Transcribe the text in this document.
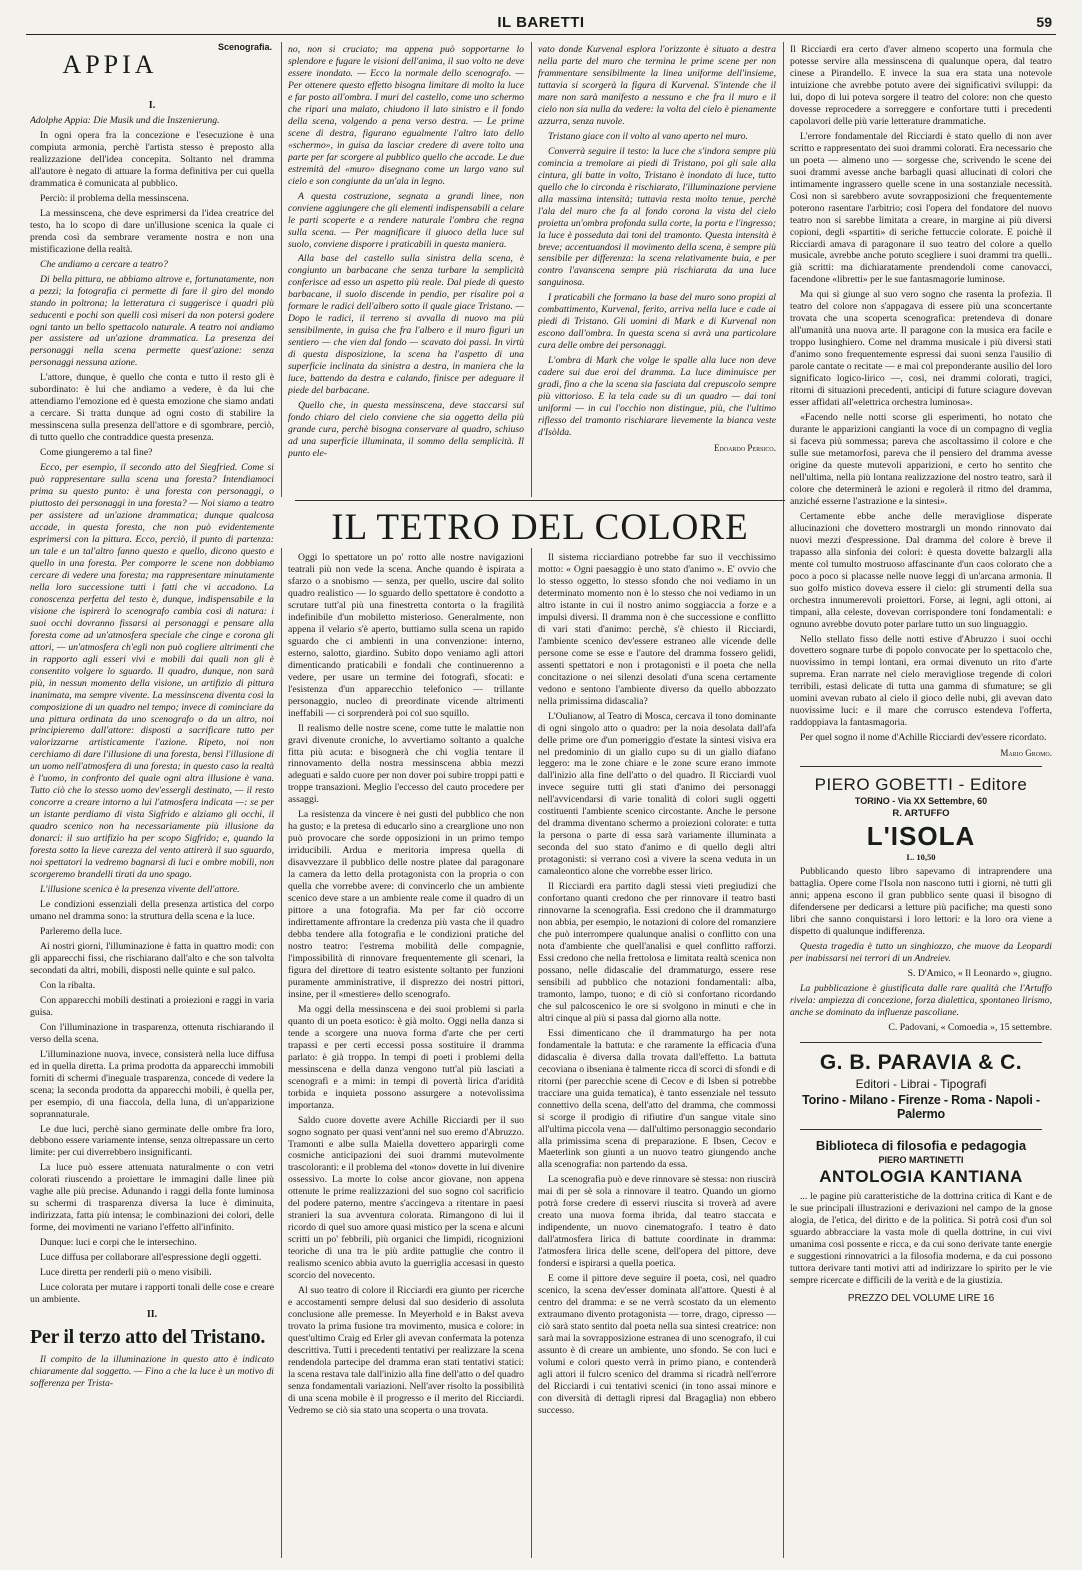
IL BARETTI	59
APPIA
Scenografia.
I.

Adolphe Appia: Die Musik und die Inszenierung.

In ogni opera fra la concezione e l'esecuzione è una compiuta armonia, perchè l'artista stesso è preposto alla realizzazione dell'idea concepita. Soltanto nel dramma all'autore è negato di attuare la forma definitiva per cui quella drammatica è comunicata al pubblico.

Perciò: il problema della messinscena.

La messinscena, che deve esprimersi da l'idea creatrice del testo, ha lo scopo di dare un'illusione scenica la quale ci prenda così da sembrare veramente nostra e non una mistificazione della realtà.

Che andiamo a cercare a teatro?

Di bella pittura, ne abbiamo altrove e, fortunatamente, non a pezzi; la fotografia ci permette di fare il giro del mondo stando in poltrona; la letteratura ci suggerisce i quadri più seducenti e pochi son quelli così miseri da non potersi godere ogni tanto un bello spettacolo naturale. A teatro noi andiamo per assistere ad un'azione drammatica. La presenza dei personaggi nella scena permette quest'azione: senza personaggi nessuna azione.

L'attore, dunque, è quello che conta e tutto il resto gli è subordinato: è lui che andiamo a vedere, è da lui che attendiamo l'emozione ed è questa emozione che siamo andati a cercare. Si tratta dunque ad ogni costo di stabilire la messinscena sulla presenza dell'attore e di sgombrare, perciò, di tutto quello che contraddice questa presenza.

Come giungeremo a tal fine?

Ecco, per esempio, il secondo atto del Siegfried. Come si può rappresentare sulla scena una foresta? Intendiamoci prima su questo punto: è una foresta con personaggi, o piuttosto dei personaggi in una foresta? — Noi siamo a teatro per assistere ad un'azione drammatica; dunque qualcosa accade, in questa foresta, che non può evidentemente esprimersi con la pittura. Ecco, perciò, il punto di partenza: un tale e un tal'altro fanno questo e quello, dicono questo e quello in una foresta. Per comporre le scene non dobbiamo cercare di vedere una foresta; ma rappresentare minutamente nella loro successione tutti i fatti che vi accadono. La conoscenza perfetta del testo è, dunque, indispensabile e la visione che ispirerà lo scenografo cambia così di natura: i suoi occhi dovranno fissarsi ai personaggi e pensare alla foresta come ad un'atmosfera speciale che cinge e corona gli attori, — un'atmosfera ch'egli non può cogliere altrimenti che in rapporto agli esseri vivi e mobili dai quali non gli è consentito volgere lo sguardo. Il quadro, dunque, non sarà più, in nessun momento della visione, un artifizio di pittura inanimata, ma sempre vivente. La messinscena diventa così la composizione di un quadro nel tempo; invece di cominciare da una pittura ordinata da uno scenografo o da un altro, noi principieremo dall'attore: disposti a sacrificare tutto per valorizzarne artisticamente l'azione. Ripeto, noi non cerchiamo di dare l'illusione di una foresta, bensì l'illusione di un uomo nell'atmosfera di una foresta; in questo caso la realtà è l'uomo, in confronto del quale ogni altra illusione è vana. Tutto ciò che lo stesso uomo dev'essergli destinato, — il resto concorre a creare intorno a lui l'atmosfera indicata —: se per un istante perdiamo di vista Sigfrido e alziamo gli occhi, il quadro scenico non ha necessariamente più illusione da donarci: il suo artifizio ha per scopo Sigfrido; e, quando la foresta sotto la lieve carezza del vento attirerà il suo sguardo, noi spettatori la vedremo bagnarsi di luci e ombre mobili, non scorgeremo brandelli tirati da uno spago.

L'illusione scenica è la presenza vivente dell'attore.

Le condizioni essenziali della presenza artistica del corpo umano nel dramma sono: la struttura della scena e la luce.

Parleremo della luce.

Ai nostri giorni, l'illuminazione è fatta in quattro modi: con gli apparecchi fissi, che rischiarano dall'alto e che son talvolta secondati da altri, mobili, disposti nelle quinte e sul palco.

Con la ribalta.

Con apparecchi mobili destinati a proiezioni e raggi in varia guisa.

Con l'illuminazione in trasparenza, ottenuta rischiarando il verso della scena.

L'illuminazione nuova, invece, consisterà nella luce diffusa ed in quella diretta. La prima prodotta da apparecchi immobili forniti di schermi d'ineguale trasparenza, concede di vedere la scena; la seconda prodotta da apparecchi mobili, è quella per, per esempio, di una fiaccola, della luna, di un'apparizione soprannaturale.

Le due luci, perchè siano germinate delle ombre fra loro, debbono essere variamente intense, senza oltrepassare un certo limite: per cui diverrebbero insignificanti.

La luce può essere attenuata naturalmente o con vetri colorati riuscendo a proiettare le immagini dalle linee più vaghe alle più precise. Adunando i raggi della fonte luminosa su schermi di trasparenza diversa la luce è diminuita, indirizzata, fatta più intensa; le combinazioni dei colori, delle forme, dei movimenti ne variano l'effetto all'infinito.

Dunque: luci e corpi che le intersechino.

Luce diffusa per collaborare all'espressione degli oggetti.

Luce diretta per renderli più o meno visibili.

Luce colorata per mutare i rapporti tonali delle cose e creare un ambiente.

II.
Per il terzo atto del Tristano.

Il compito de la illuminazione in questo atto è indicato chiaramente dal soggetto. — Fino a che la luce è un motivo di sofferenza per Trista-

no, non si cruciato; ma appena può sopportarne lo splendore e fugare le visioni dell'anima, il suo volto ne deve essere inondato. — Ecco la normale dello scenografo. — Per ottenere questo effetto bisogna limitare di molto la luce e far posto all'ombra. I muri del castello, come uno schermo che ripari una malato, chiudono il lato sinistro e il fondo della scena, volgendo a pena verso destra. — Le prime scene di destra, figurano egualmente l'altro lato dello «schermo», in guisa da lasciar credere di avere tolto una parte per far scorgere al pubblico quello che accade. Le due estremità del «muro» disegnano come un largo vano sul cielo e son congiunte da un'ala in legno.

A questa costruzione, segnata a grandi linee, non conviene aggiungere che gli elementi indispensabili a celare le parti scoperte e a rendere naturale l'ombra che regna sulla scena. — Per magnificare il giuoco della luce sul suolo, conviene disporre i praticabili in questa maniera.

Alla base del castello sulla sinistra della scena, è congiunto un barbacane che senza turbare la semplicità conferisce ad esso un aspetto più reale. Dal piede di questo barbacane, il suolo discende in pendio, per risalire poi a formare le radici dell'albero sotto il quale giace Tristano. — Dopo le radici, il terreno si avvalla di nuovo ma più sensibilmente, in guisa che fra l'albero e il muro figuri un sentiero — che vien dal fondo — scavato doi passi. In virtù di questa disposizione, la scena ha l'aspetto di una superficie inclinata da sinistra a destra, in maniera che la luce, battendo da destra e calando, finisce per adeguare il piede del barbacane.

Quello che, in questa messinscena, deve staccarsi sul fondo chiaro del cielo conviene che sia oggetto della più grande cura, perchè bisogna conservare al quadro, schiuso ad una superficie illuminata, il sommo della semplicità. Il punto ele-

vato donde Kurvenal esplora l'orizzonte è situato a destra nella parte del muro che termina le prime scene per non frammentare sensibilmente la linea uniforme dell'insieme, tuttavia si scorgerà la figura di Kurvenal. S'intende che il mare non sarà manifesto a nessuno e che fra il muro e il cielo non sia nulla da vedere: la volta del cielo è pienamente azzurra, senza nuvole.

Tristano giace con il volto al vano aperto nel muro.

Converrà seguire il testo: la luce che s'indora sempre più comincia a tremolare ai piedi di Tristano, poi gli sale alla cintura, gli batte in volto, Tristano è inondato di luce, tutto quello che lo circonda è rischiarato, l'illuminazione perviene alla massima intensità; tuttavia resta molto tenue, perchè l'ala del muro che fa al fondo corona la vista del cielo proietta un'ombra profonda sulla corte, la porta e l'ingresso; la luce è posseduta dai toni del tramonto. Questa intensità è breve; accentuandosi il movimento della scena, è sempre più sensibile per differenza: la scena relativamente buia, e per contro l'avanscena sempre più rischiarata da una luce sanguinosa.

I praticabili che formano la base del muro sono propizi al combattimento, Kurvenal, ferito, arriva nella luce e cade ai piedi di Tristano. Gli uomini di Mark e di Kurvenal non escono dall'ombra. In questa scena si avrà una particolare cura delle ombre dei personaggi.

L'ombra di Mark che volge le spalle alla luce non deve cadere sui due eroi del dramma. La luce diminuisce per gradi, fino a che la scena sia fasciata dal crepuscolo sempre più vittorioso. E la tela cade su di un quadro — dai toni uniformi — in cui l'occhio non distingue, più, che l'ultimo riflesso del tramonto rischiarare lievemente la bianca veste d'Isòlda.

Edoardo Persico.
IL TETRO DEL COLORE

Oggi lo spettatore un po' rotto alle nostre navigazioni teatrali più non vede la scena. Anche quando è ispirata a sfarzo o a snobismo — senza, per quello, uscire dal solito quadro realistico — lo sguardo dello spettatore è condotto a scrutare tutt'al più una finestretta contorta o la fragilità indefinibile d'un mobiletto misterioso. Generalmente, non appena il velario s'è aperto, buttiamo sulla scena un rapido sguardo che ci ambienti in una convenzione: interno, esterno, salotto, giardino. Subito dopo veniamo agli attori dimenticando praticabili e fondali che continuerenno a vedere, per usare un termine dei fotografi, sfocati: e l'esistenza d'un apparecchio telefonico — trillante personaggio, nucleo di preordinate vicende altrimenti ineffabili — ci sorprenderà poi col suo squillo.

Il realismo delle nostre scene, come tutte le malattie non gravi divenute croniche, lo avvertiamo soltanto a qualche fitta più acuta: e bisognerà che chi voglia tentare il rinnovamento della nostra messinscena abbia mezzi adeguati e saldo cuore per non dover poi subire troppi patti e troppe transazioni. Meglio l'eccesso del cauto procedere per assaggi.

La resistenza da vincere è nei gusti del pubblico che non ha gusto; e la pretesa di educarlo sino a crearglione uno non può provocare che sorde opposizioni in un primo tempo irriducibili. Ardua e meritoria impresa quella di disavvezzare il pubblico delle nostre platee dal paragonare la camera da letto della protagonista con la propria o con quella che vorrebbe avere: di convincerlo che un ambiente scenico deve stare a un ambiente reale come il quadro di un pittore a una fotografia. Ma per far ciò occorre indirettamente affrontare la credenza più vasta che il quadro debba tendere alla fotografia e le condizioni pratiche del nostro teatro: l'estrema mobilità delle compagnie, l'impossibilità di rinnovare frequentemente gli scenari, la figura del direttore di teatro esistente soltanto per funzioni puramente amministrative, il disprezzo dei nostri pittori, insine, per il «mestiere» dello scenografo.

Ma oggi della messinscena e dei suoi problemi si parla quanto di un poeta esotico: è già molto. Oggi nella danza si tende a scorgere una nuova forma d'arte che per certi trapassi e per certi eccessi possa sostituire il dramma parlato: è già troppo. In tempi di poeti i problemi della messinscena e della danza vengono tutt'al più lasciati a scenografi e a mimi: in tempi di povertà lirica d'aridità torbida e inquieta possono assurgere a notevolissima importanza.

Saldo cuore dovette avere Achille Ricciardi per il suo sogno sognato per quasi vent'anni nel suo eremo d'Abruzzo. Tramonti e albe sulla Maiella dovettero apparirgli come cosmiche anticipazioni dei suoi drammi mutevolmente trascoloranti: e il problema del «tono» dovette in lui divenire ossessivo. La morte lo colse ancor giovane, non appena ottenute le prime realizzazioni del suo sogno col sacrificio del podere paterno, mentre s'accingeva a ritentare in paesi stranieri la sua avventura colorata. Rimangono di lui il ricordo di quel suo amore quasi mistico per la scena e alcuni scritti un po' febbrili, più organici che limpidi, ricognizioni teoriche di una tra le più ardite pattuglie che contro il realismo scenico abbia avuto la guerriglia accesasi in questo scorcio del novecento.

Al suo teatro di colore il Ricciardi era giunto per ricerche e accostamenti sempre delusi dal suo desiderio di assoluta conclusione alle premesse. In Meyerhold e in Bakst aveva trovato la prima fusione tra movimento, musica e colore: in quest'ultimo Craig ed Erler gli avevan confermata la potenza descrittiva. Tutti i precedenti tentativi per realizzare la scena rendendola partecipe del dramma eran stati tentativi statici: la scena restava tale dall'inizio alla fine dell'atto o del quadro senza fondamentali variazioni. Nell'aver risolto la possibilità di una scena mobile è il progresso e il merito del Ricciardi. Vedremo se ciò sia stato una scoperta o una trovata.

Il sistema ricciardiano potrebbe far suo il vecchissimo motto: « Ogni paesaggio è uno stato d'animo ». E' ovvio che lo stesso oggetto, lo stesso sfondo che noi vediamo in un determinato momento non è lo stesso che noi vediamo in un altro istante in cui il nostro animo soggiaccia a forze e a impulsi diversi. Il dramma non è che successione e conflitto di vari stati d'animo: perchè, s'è chiesto il Ricciardi, l'ambiente scenico dev'essere estraneo alle vicende delle persone come se esse e l'autore del dramma fossero gelidi, assenti spettatori e non i protagonisti e il poeta che nella concitazione o nei silenzi desolati d'una scena certamente vedono e sentono l'ambiente diverso da quello abbozzato nella primissima didascalia?

L'Oulianow, al Teatro di Mosca, cercava il tono dominante di ogni singolo atto o quadro: per la noia desolata dall'afa delle prime ore d'un pomeriggio d'estate la sintesi visiva era nel predominio di un giallo cupo su di un giallo diafano leggero: ma le zone chiare e le zone scure erano immote dall'inizio alla fine dell'atto o del quadro. Il Ricciardi vuol invece seguire tutti gli stati d'animo dei personaggi nell'avvicendarsi di varie tonalità di colori sugli oggetti costituenti l'ambiente scenico circostante. Anche le persone del dramma diventano schermo a proiezioni colorate: e tutta la persona o parte di essa sarà variamente illuminata a seconda del suo stato d'animo e di quello degli altri protagonisti: si verrano così a vivere la scena veduta in un camaleontico alone che vorrebbe esser lirico.

Il Ricciardi era partito dagli stessi vieti pregiudizi che confortano quanti credono che per rinnovare il teatro basti rinnovarne la scenografia. Essi credono che il drammaturgo non abbia, per esempio, le notazioni di colore del romanziere che può interrompere qualunque analisi o conflitto con una nota d'ambiente che quell'analisi e quel conflitto rafforzi. Essi credono che nella frettolosa e limitata realtà scenica non possano, nelle didascalie del drammaturgo, essere rese sensibili ad pubblico che notazioni fondamentali: alba, tramonto, lampo, tuono; e di ciò si confortano ricordando che sul palcoscenico le ore si svolgono in minuti e che in altri cinque al più si passa dal giorno alla notte.

Essi dimenticano che il drammaturgo ha per nota fondamentale la battuta: e che raramente la efficacia d'una didascalia è diversa dalla trovata dall'effetto. La battuta cecoviana o ibseniana è talmente ricca di scorci di sfondi e di ritorni (per parecchie scene di Cecov e di Isben si potrebbe tracciare una guida tematica), è tanto essenziale nel tessuto connettivo della scena, dell'atto del dramma, che commossi si scorge il prodigio di rifiutire d'un sangue vitale sino all'ultima piccola vena — dall'ultimo personaggio secondario alla primissima scena di preparazione. E Ibsen, Cecov e Maeterlink son giunti a un nuovo teatro giungendo anche alla scenografia: non partendo da essa.

La scenografia può e deve rinnovare sè stessa: non riuscirà mai di per sè sola a rinnovare il teatro. Quando un giorno potrà forse credere di esservi riuscita si troverà ad avere creato una nuova forma ibrida, dal teatro staccata e indipendente, un nuovo cinematografo. I teatro è dato dall'atmosfera lirica di battute coordinate in dramma: l'atmosfera lirica delle scene, dell'opera del pittore, deve fondersi e ispirarsi a quella poetica.

E come il pittore deve seguire il poeta, così, nel quadro scenico, la scena dev'esser dominata all'attore. Questi è al centro del dramma: e se ne verrà scostato da un elemento extraumano divento protagonista — torre, drago, cipresso — ciò sarà stato sentito dal poeta nella sua sintesi creatrice: non sarà mai la sovrapposizione estranea di uno scenografo, il cui assunto è di creare un ambiente, uno sfondo. Se con luci e volumi e colori questo verrà in primo piano, e contenderà agli attori il fulcro scenico del dramma si ricadrà nell'errore del Ricciardi i cui tentativi scenici (in tono assai minore e con diversità di dettagli ripresi dal Bragaglia) non ebbero successo.

Il Ricciardi era certo d'aver almeno scoperto una formula che potesse servire alla messinscena di qualunque opera, dal teatro cinese a Pirandello. E invece la sua era stata una notevole intuizione che avrebbe potuto avere dei significativi sviluppi: da lui, dopo di lui poteva sorgere il teatro del colore: non che questo dovesse reprocedere a sorreggere e confortare tutti i precedenti capolavori delle più varie letterature drammatiche.

L'errore fondamentale del Ricciardi è stato quello di non aver scritto e rappresentato dei suoi drammi colorati. Era necessario che un poeta — almeno uno — sorgesse che, scrivendo le scene dei suoi drammi avesse anche barbagli quasi allucinati di colori che intimamente ingrassero quelle scene in una sostanziale necessità. Così non si sarebbero avute sovrapposizioni che frequentemente poterono rasentare l'arbitrio; così l'opera del fondatore del nuovo teatro non si sarebbe limitata a creare, in margine ai più diversi copioni, degli «spartiti» di seriche fettuccie colorate. E poichè il Ricciardi amava di paragonare il suo teatro del colore a quello musicale, avrebbe anche potuto scegliere i suoi drammi tra quelli.. già scritti: ma dichiaratamente prendendoli come canovacci, facendone «libretti» per le sue fantasmagorie luminose.

Ma qui si giunge al suo vero sogno che rasenta la profezia. Il teatro del colore non s'appagava di essere più una sconcertante trovata che una scoperta scenografica: pretendeva di donare all'umanità una nuova arte. Il paragone con la musica era facile e troppo lusinghiero. Come nel dramma musicale i più diversi stati d'animo sono frequentemente espressi dai suoni senza l'ausilio di parole cantate o recitate — e mai col preponderante ausilio del loro significato logico-lirico —, così, nei drammi colorati, tragici, ritorni di situazioni precedenti, anticipi di future sciagure dovevan esser affidati all'«elettrica orchestra luminosa».

«Facendo nelle notti scorse gli esperimenti, ho notato che durante le apparizioni cangianti la voce di un compagno di veglia si faceva più sommessa; pareva che ascoltassimo il colore e che sulle sue metamorfosi, pareva che il pensiero del dramma avesse origine da queste mutevoli apparizioni, e certo ho sentito che nell'ultima, nella più lontana realizzazione del nostro teatro, sarà il colore che determinerà le azioni e regolerà il ritmo del dramma, anziché esserne l'astrazione e la sintesi».

Certamente ebbe anche delle meravigliose disperate allucinazioni che dovettero mostrargli un mondo rinnovato dai nuovi mezzi d'espressione. Dal dramma del colore è breve il trapasso alla sinfonia dei colori: è questa dovette balzargli alla mente col tumulto mostruoso affascinante d'un caos colorato che a poco a poco si placasse nelle nuove leggi di un'arcana armonia. Il suo golfo mistico doveva essere il cielo: gli strumenti della sua orchestra innumerevoli proiettori. Forse, ai legni, agli ottoni, ai timpani, alla celeste, dovevan corrispondere toni fondamentali: e ognuno avrebbe dovuto poter parlare tutto un suo linguaggio.

Nello stellato fisso delle notti estive d'Abruzzo i suoi occhi dovettero sognare turbe di popolo convocate per lo spettacolo che, nuovissimo in tempi lontani, era ormai divenuto un rito d'arte suprema. Eran narrate nel cielo meravigliose tregende di colori terribili, estasi delicate di tutta una gamma di sfumature; se gli uomini avevan rubato al cielo il gioco delle nubi, gli avevan dato nuovissime luci: e il mare che corrusco estendeva l'offerta, raddoppiava la fantasmagoria.

Per quel sogno il nome d'Achille Ricciardi dev'essere ricordato.

Mario Gromo.
PIERO GOBETTI - Editore
TORINO - Via XX Settembre, 60
R. ARTUFFO
L'ISOLA
L. 10,50

Pubblicando questo libro sapevamo di intraprendere una battaglia. Opere come l'Isola non nascono tutti i giorni, nè tutti gli anni; appena escono il gran pubblico sente quasi il bisogno di difendersene per dedicarsi a letture più pacifiche; ma questi sono libri che sanno conquistarsi i loro lettori: e la loro ora viene a dispetto di qualunque indifferenza.

Questa tragedia è tutto un singhiozzo, che muove da Leopardi per inabissarsi nei terrori di un Andreiev.

S. D'Amico, « Il Leonardo », giugno.

La pubblicazione è giustificata dalle rare qualità che l'Artuffo rivela: ampiezza di concezione, forza dialettica, spontaneo lirismo, anche se dominato da influenze pascoliane.

C. Padovani, « Comoedia », 15 settembre.

G. B. PARAVIA & C.
Editori - Librai - Tipografi
Torino - Milano - Firenze - Roma - Napoli - Palermo
Biblioteca di filosofia e pedagogia
PIERO MARTINETTI
ANTOLOGIA KANTIANA

... le pagine più caratteristiche de la dottrina critica di Kant e de le sue principali illustrazioni e derivazioni nel campo de la gnose alogia, de l'etica, del diritto e de la politica. Si potrà così d'un sol sguardo abbracciare la vasta mole di quella dottrine, in cui vivi umanima così possente e ricca, e da cui sono derivate tante energie e suggestioni rinnovatrici a la filosofia moderna, e da cui possono tuttora derivare tanti motivi atti ad indirizzare lo spirito per le vie sempre ricercate e difficili de la verità e de la giustizia.

PREZZO DEL VOLUME LIRE 16
